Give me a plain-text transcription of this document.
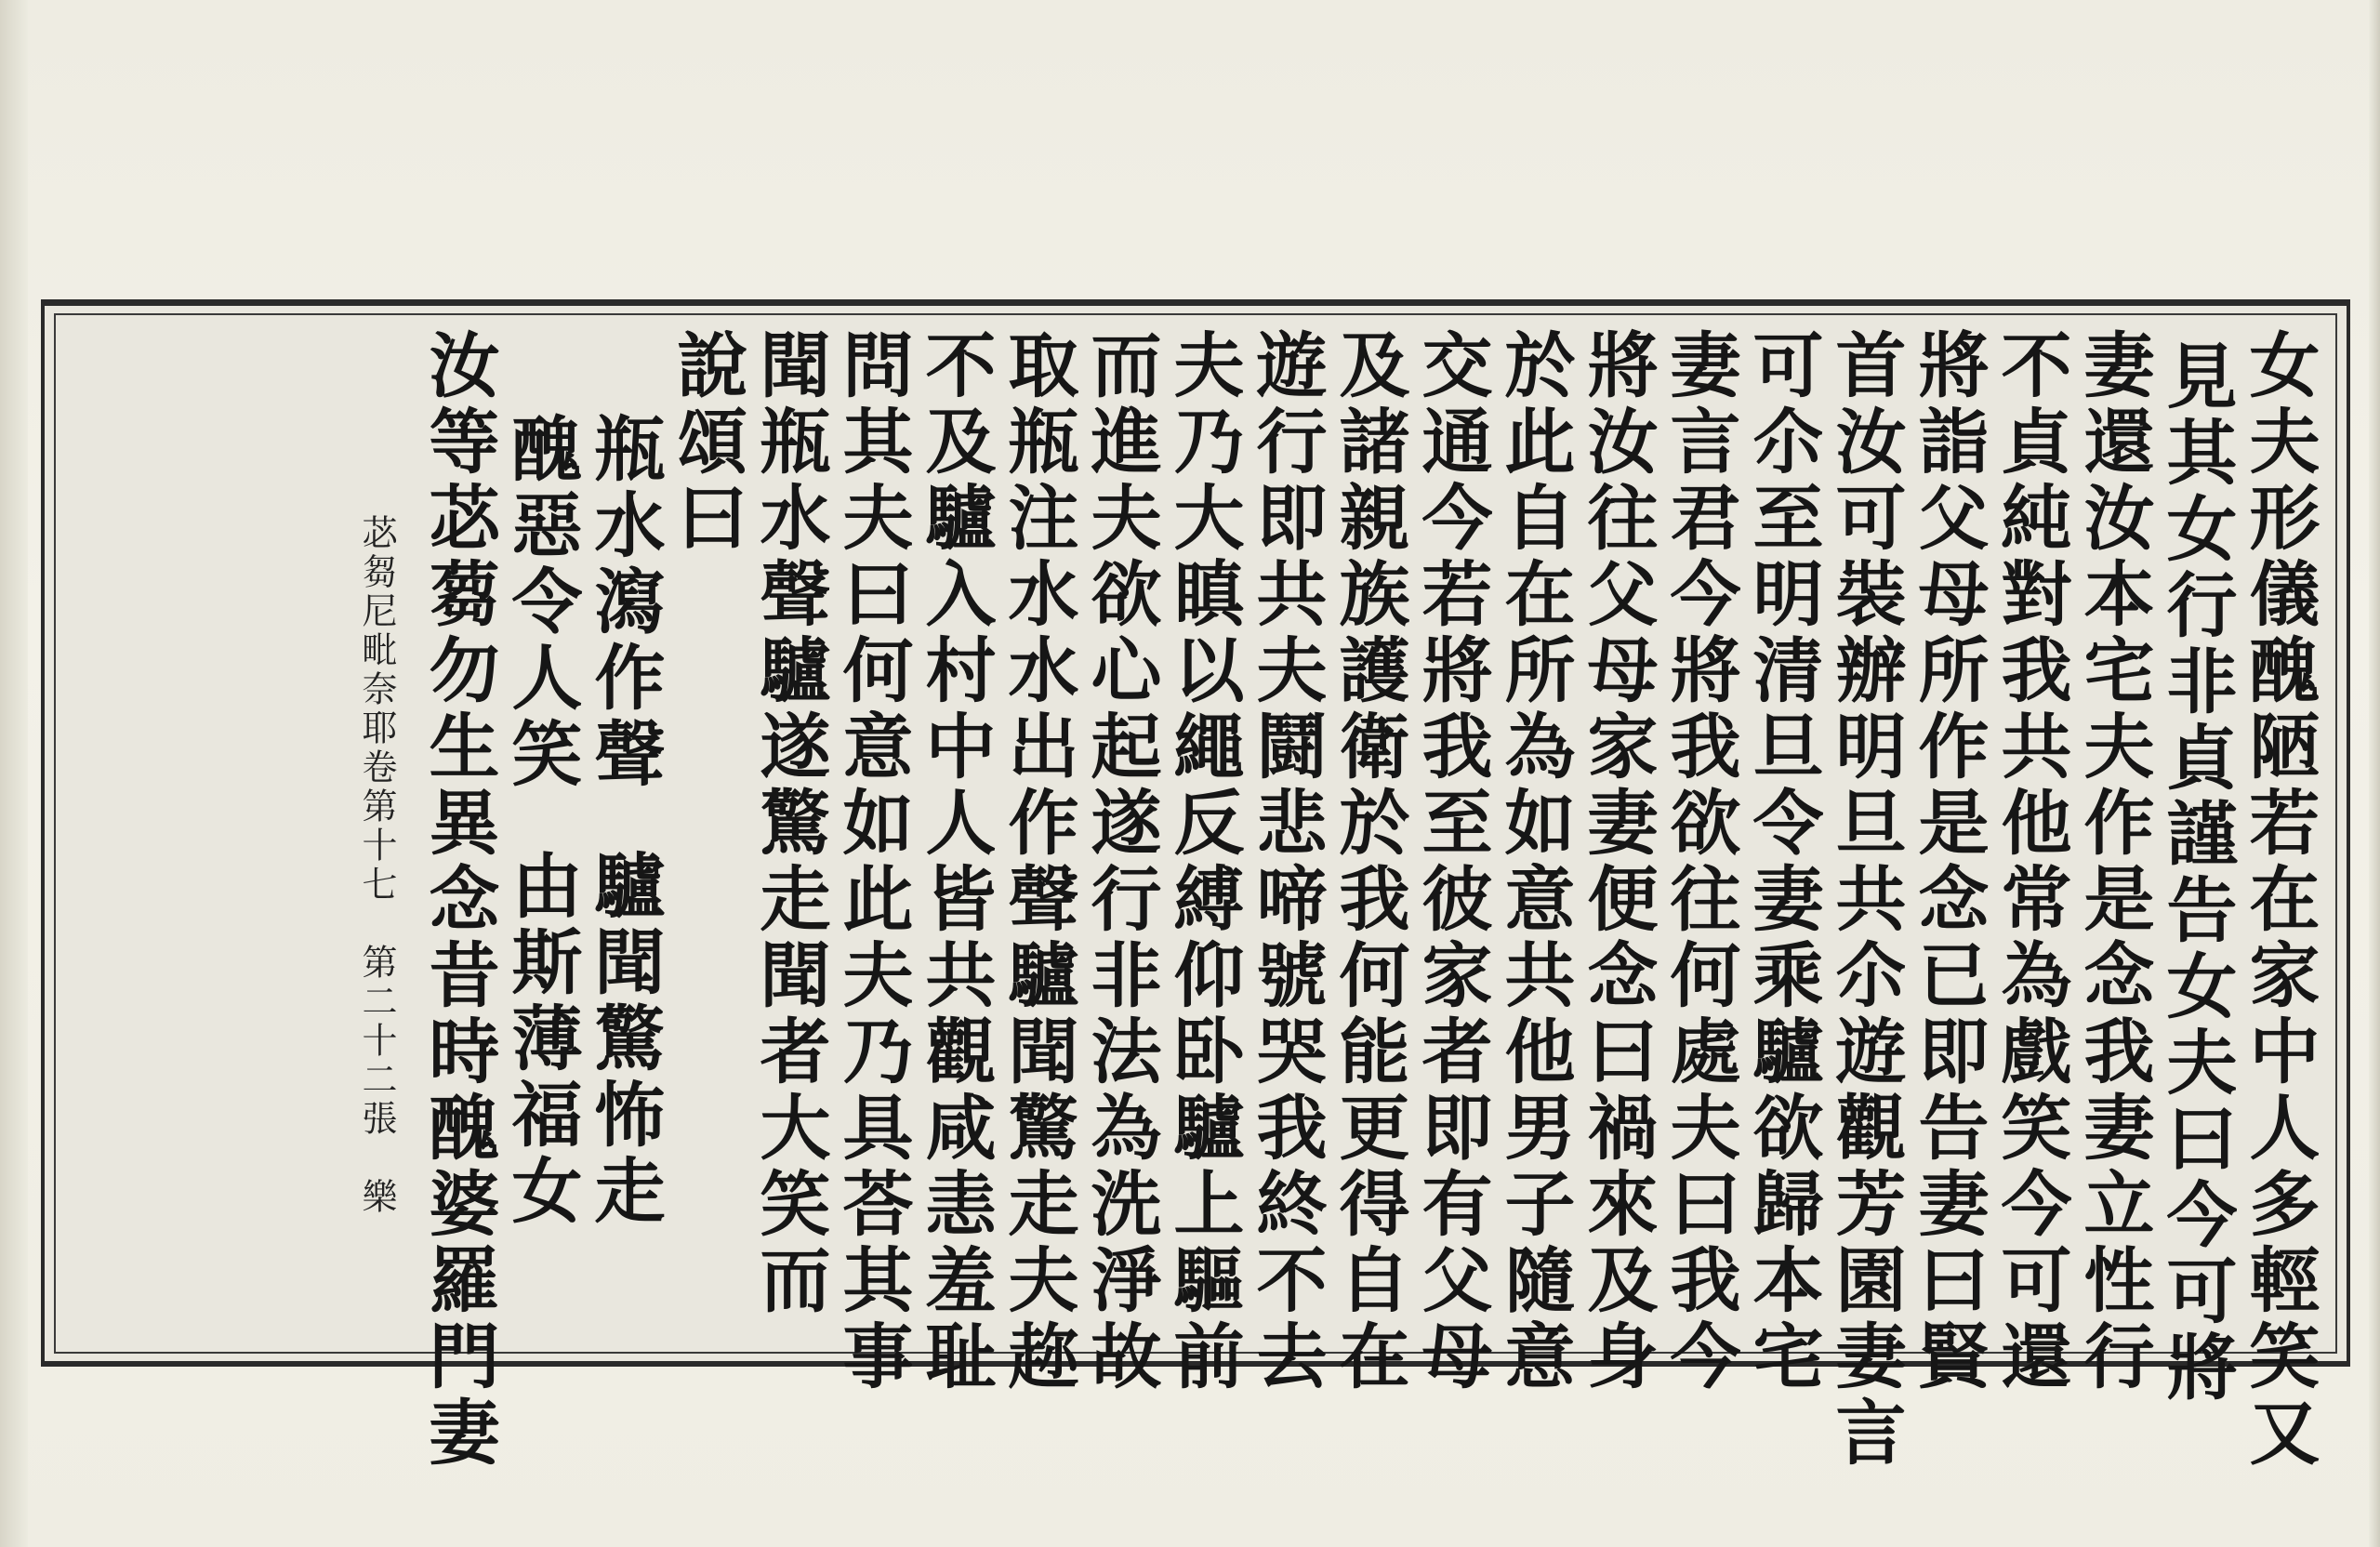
女夫形儀醜陋若在家中人多輕笑又
見其女行非貞謹告女夫曰今可將
妻還汝本宅夫作是念我妻立性行
不貞純對我共他常為戲笑今可還
將詣父母所作是念已即告妻曰賢
首汝可裝辦明旦共尒遊觀芳園妻言
可尒至明清旦令妻乘驢欲歸本宅
妻言君今將我欲往何處夫曰我今
將汝往父母家妻便念曰禍來及身
於此自在所為如意共他男子隨意
交通今若將我至彼家者即有父母
及諸親族護衛於我何能更得自在
遊行即共夫鬪悲啼號哭我終不去
夫乃大瞋以繩反縛仰卧驢上驅前
而進夫欲心起遂行非法為洗淨故
取瓶注水水出作聲驢聞驚走夫趂
不及驢入村中人皆共觀咸恚羞耻
問其夫曰何意如此夫乃具荅其事
聞瓶水聲驢遂驚走聞者大笑而
說頌曰
瓶水瀉作聲驢聞驚怖走
醜惡令人笑由斯薄福女
汝等苾蒭勿生異念昔時醜婆羅門妻
苾芻尼毗奈耶卷第十七　第二十二張　樂
